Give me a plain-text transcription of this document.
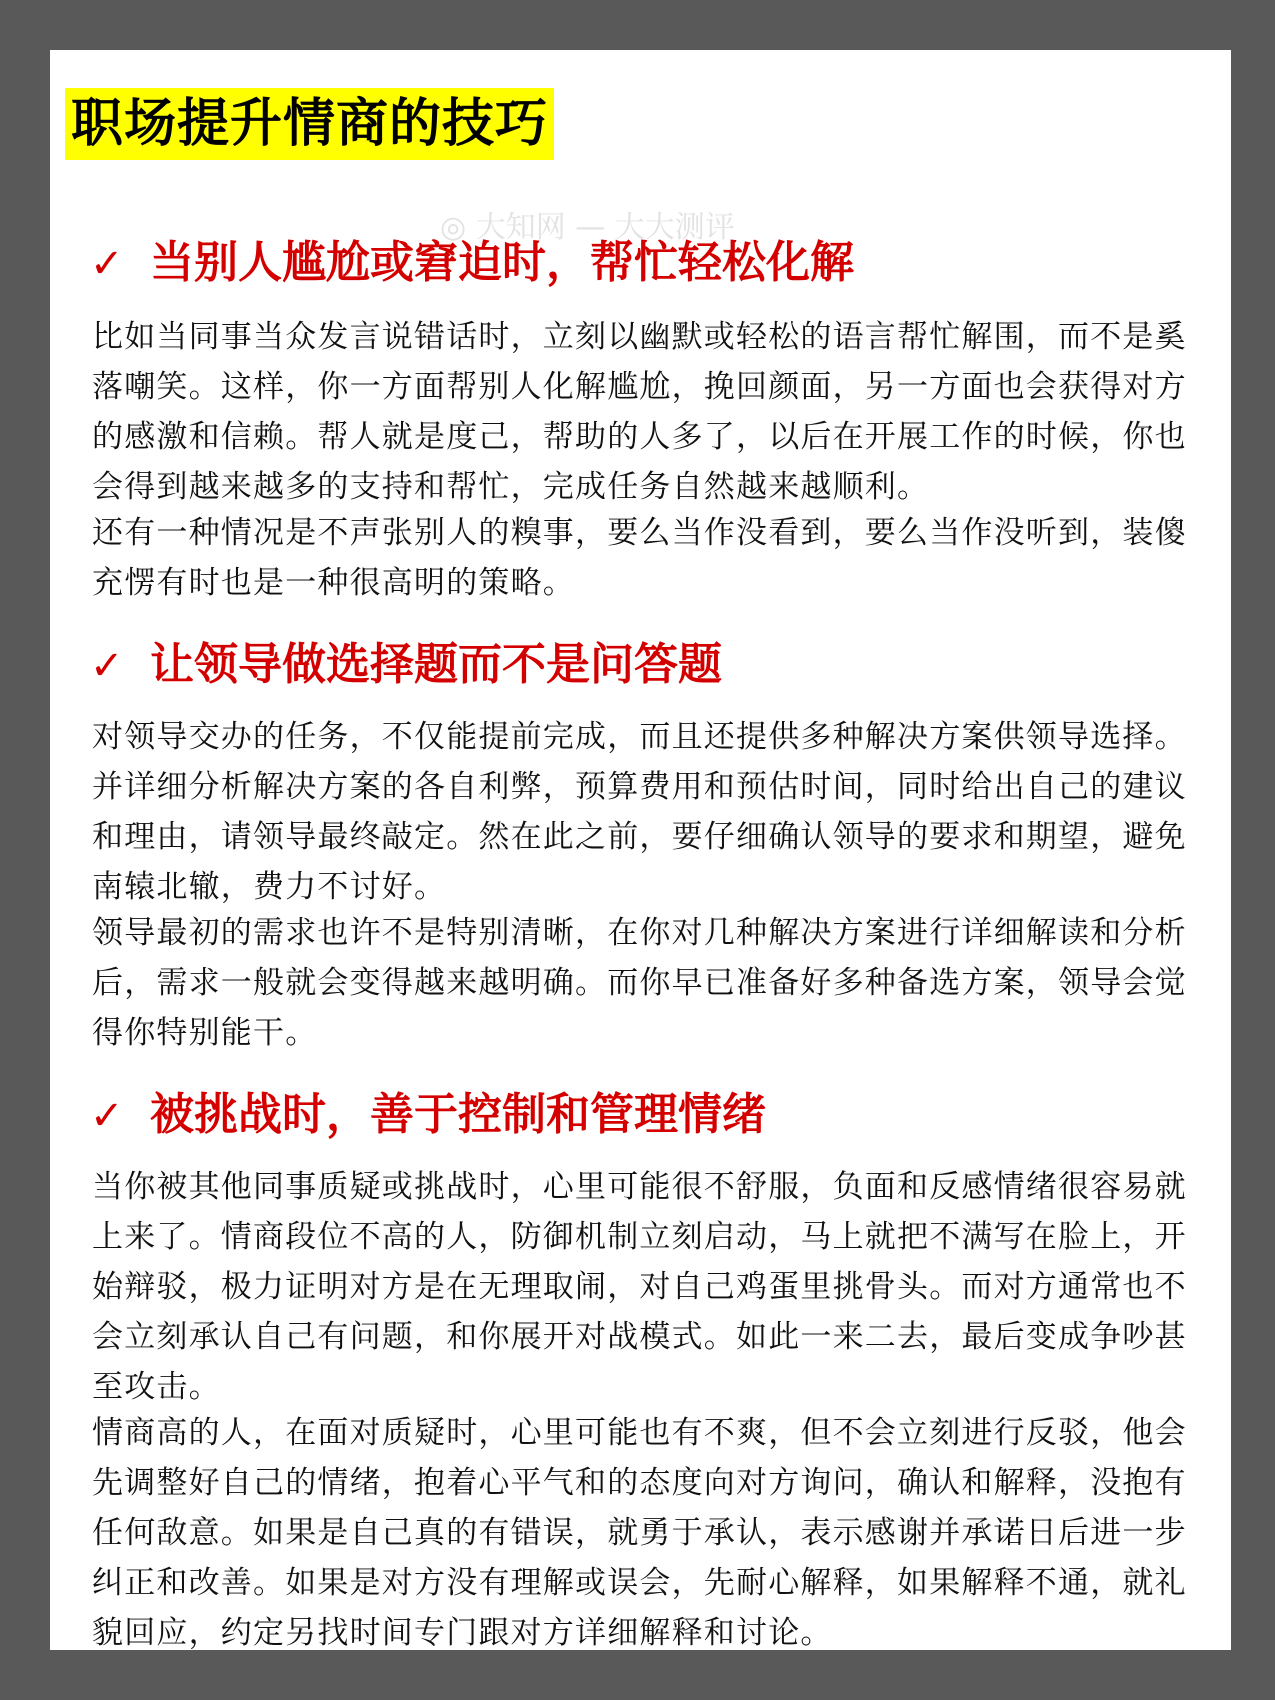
职场提升情商的技巧
◎ 大知网 — 大大测评
✓ 当别人尴尬或窘迫时，帮忙轻松化解

比如当同事当众发言说错话时，立刻以幽默或轻松的语言帮忙解围，而不是奚落嘲笑。这样，你一方面帮别人化解尴尬，挽回颜面，另一方面也会获得对方的感激和信赖。帮人就是度己，帮助的人多了，以后在开展工作的时候，你也会得到越来越多的支持和帮忙，完成任务自然越来越顺利。

还有一种情况是不声张别人的糗事，要么当作没看到，要么当作没听到，装傻充愣有时也是一种很高明的策略。

✓ 让领导做选择题而不是问答题

对领导交办的任务，不仅能提前完成，而且还提供多种解决方案供领导选择。并详细分析解决方案的各自利弊，预算费用和预估时间，同时给出自己的建议和理由，请领导最终敲定。然在此之前，要仔细确认领导的要求和期望，避免南辕北辙，费力不讨好。

领导最初的需求也许不是特别清晰，在你对几种解决方案进行详细解读和分析后，需求一般就会变得越来越明确。而你早已准备好多种备选方案，领导会觉得你特别能干。

✓ 被挑战时，善于控制和管理情绪

当你被其他同事质疑或挑战时，心里可能很不舒服，负面和反感情绪很容易就上来了。情商段位不高的人，防御机制立刻启动，马上就把不满写在脸上，开始辩驳，极力证明对方是在无理取闹，对自己鸡蛋里挑骨头。而对方通常也不会立刻承认自己有问题，和你展开对战模式。如此一来二去，最后变成争吵甚至攻击。

情商高的人，在面对质疑时，心里可能也有不爽，但不会立刻进行反驳，他会先调整好自己的情绪，抱着心平气和的态度向对方询问，确认和解释，没抱有任何敌意。如果是自己真的有错误，就勇于承认，表示感谢并承诺日后进一步纠正和改善。如果是对方没有理解或误会，先耐心解释，如果解释不通，就礼貌回应，约定另找时间专门跟对方详细解释和讨论。
